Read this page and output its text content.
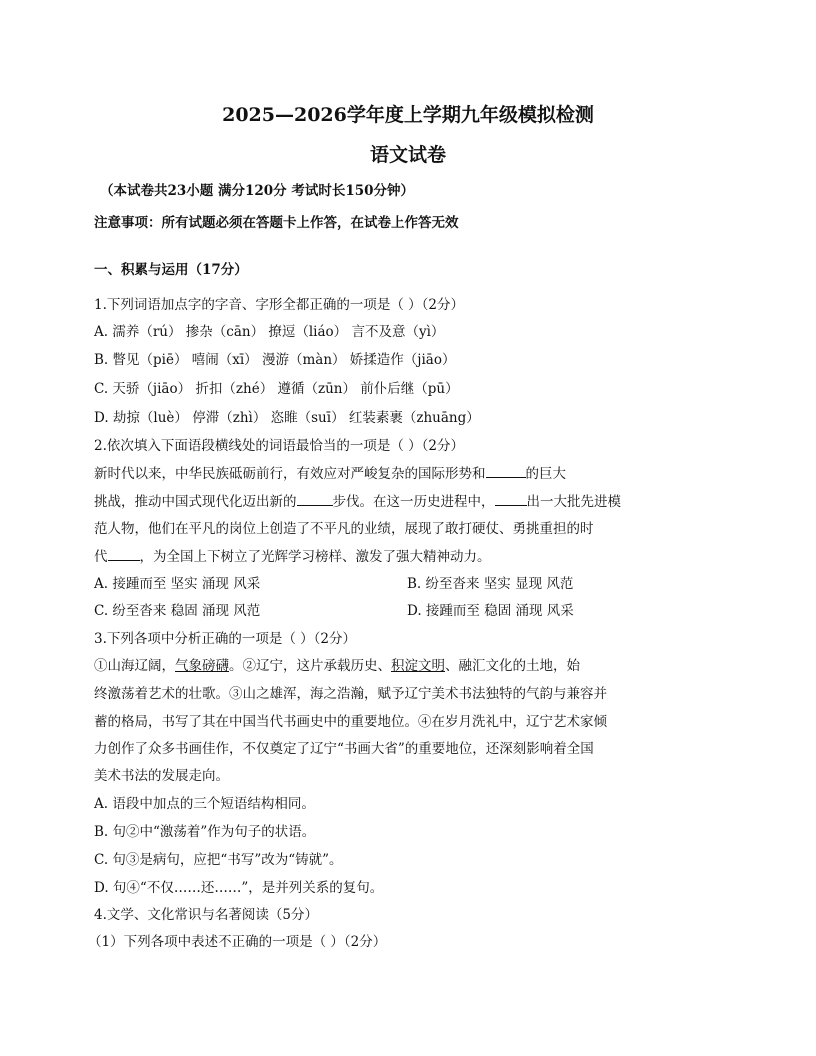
2025—2026学年度上学期九年级模拟检测
语文试卷
（本试卷共23小题 满分120分 考试时长150分钟）
注意事项：所有试题必须在答题卡上作答，在试卷上作答无效
一、积累与运用（17分）
1.下列词语加点字的字音、字形全都正确的一项是（ ）（2分）
A. 濡养（rú） 掺杂（cān） 撩逗（liáo） 言不及意（yì）
B. 瞥见（piē） 嘻闹（xī） 漫游（màn） 娇揉造作（jiāo）
C. 天骄（jiāo） 折扣（zhé） 遵循（zūn） 前仆后继（pū）
D. 劫掠（luè） 停滞（zhì） 恣睢（suī） 红装素裹（zhuāng）
2.依次填入下面语段横线处的词语最恰当的一项是（ ）（2分）
新时代以来，中华民族砥砺前行，有效应对严峻复杂的国际形势和	的巨大
挑战，推动中国式现代化迈出新的	步伐。在这一历史进程中， 出一大批先进模
范人物，他们在平凡的岗位上创造了不平凡的业绩，展现了敢打硬仗、勇挑重担的时
代 ，为全国上下树立了光辉学习榜样、激发了强大精神动力。
A. 接踵而至 坚实 涌现 风采	B. 纷至沓来 坚实 显现 风范
C. 纷至沓来 稳固 涌现 风范	D. 接踵而至 稳固 涌现 风采
3.下列各项中分析正确的一项是（ ）（2分）
①山海辽阔，气象磅礴。②辽宁，这片承载历史、积淀文明、融汇文化的土地，始
终激荡着艺术的壮歌。③山之雄浑，海之浩瀚，赋予辽宁美术书法独特的气韵与兼容并
蓄的格局，书写了其在中国当代书画史中的重要地位。④在岁月洗礼中，辽宁艺术家倾
力创作了众多书画佳作，不仅奠定了辽宁“书画大省”的重要地位，还深刻影响着全国
美术书法的发展走向。
A. 语段中加点的三个短语结构相同。
B. 句②中“激荡着”作为句子的状语。
C. 句③是病句，应把“书写”改为“铸就”。
D. 句④“不仅……还……”，是并列关系的复句。
4.文学、文化常识与名著阅读（5分）
（1）下列各项中表述不正确的一项是（ ）（2分）
